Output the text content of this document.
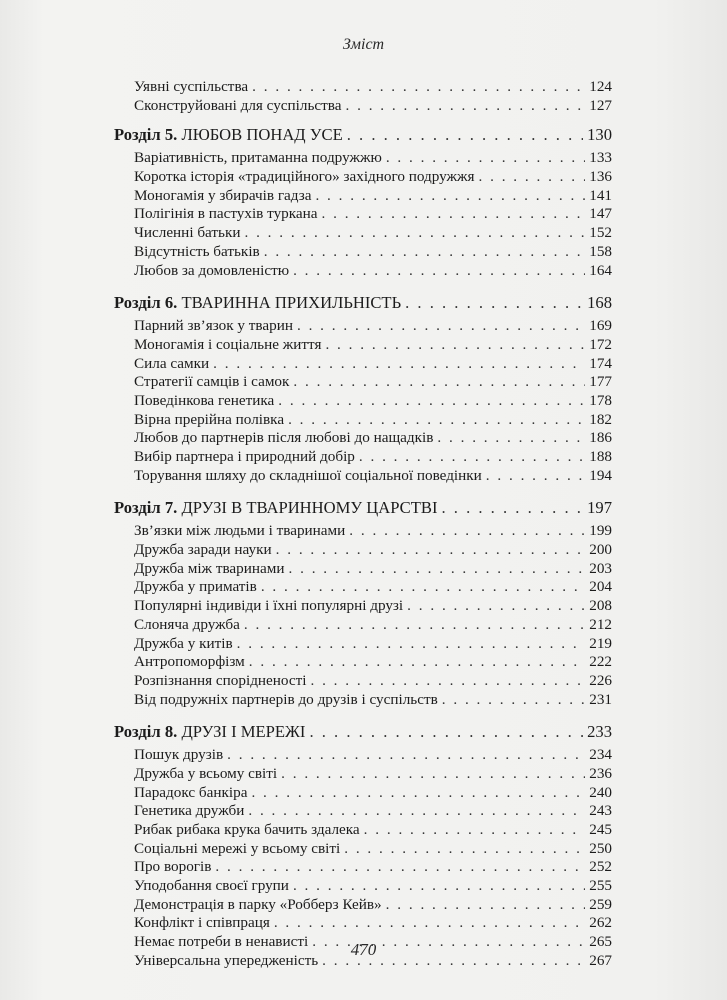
Зміст
Уявні суспільства . . .	124
Сконструйовані для суспільства . . .	127
Розділ 5. ЛЮБОВ ПОНАД УСЕ . . .	130
Варіативність, притаманна подружжю . . .	133
Коротка історія «традиційного» західного подружжя . . .	136
Моногамія у збирачів гадза . . .	141
Полігінія в пастухів туркана . . .	147
Численні батьки . . .	152
Відсутність батьків . . .	158
Любов за домовленістю . . .	164
Розділ 6. ТВАРИННА ПРИХИЛЬНІСТЬ . . .	168
Парний зв’язок у тварин . . .	169
Моногамія і соціальне життя . . .	172
Сила самки . . .	174
Стратегії самців і самок . . .	177
Поведінкова генетика . . .	178
Вірна прерійна полівка . . .	182
Любов до партнерів після любові до нащадків . . .	186
Вибір партнера і природний добір . . .	188
Торування шляху до складнішої соціальної поведінки . . .	194
Розділ 7. ДРУЗІ В ТВАРИННОМУ ЦАРСТВІ . . .	197
Зв’язки між людьми і тваринами . . .	199
Дружба заради науки . . .	200
Дружба між тваринами . . .	203
Дружба у приматів . . .	204
Популярні індивіди і їхні популярні друзі . . .	208
Слоняча дружба . . .	212
Дружба у китів . . .	219
Антропоморфізм . . .	222
Розпізнання спорідненості . . .	226
Від подружніх партнерів до друзів і суспільств . . .	231
Розділ 8. ДРУЗІ І МЕРЕЖІ . . .	233
Пошук друзів . . .	234
Дружба у всьому світі . . .	236
Парадокс банкіра . . .	240
Генетика дружби . . .	243
Рибак рибака крука бачить здалека . . .	245
Соціальні мережі у всьому світі . . .	250
Про ворогів . . .	252
Уподобання своєї групи . . .	255
Демонстрація в парку «Робберз Кейв» . . .	259
Конфлікт і співпраця . . .	262
Немає потреби в ненависті . . .	265
Універсальна упередженість . . .	267
470
